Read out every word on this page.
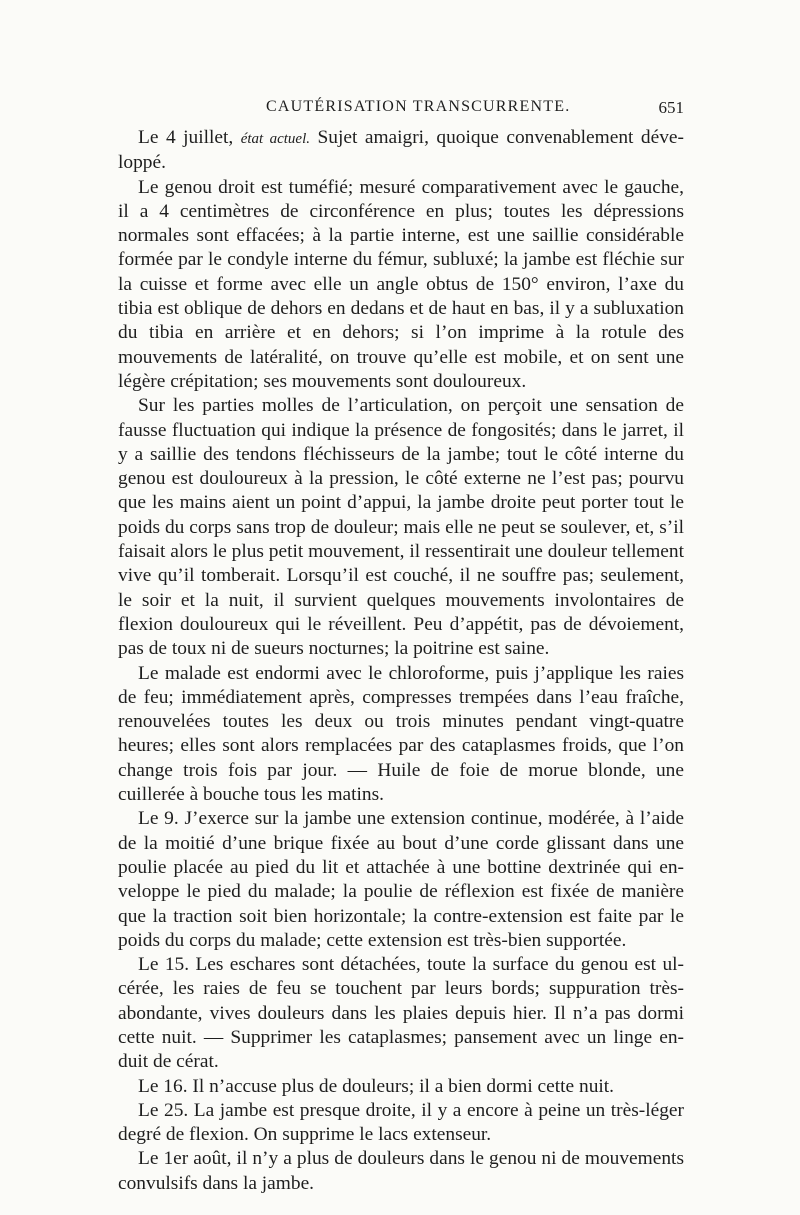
CAUTÉRISATION TRANSCURRENTE.	651

Le 4 juillet, état actuel. Sujet amaigri, quoique convenablement développé.

Le genou droit est tuméfié; mesuré comparativement avec le gauche, il a 4 centimètres de circonférence en plus; toutes les dépressions normales sont effacées; à la partie interne, est une saillie considérable formée par le condyle interne du fémur, subluxé; la jambe est fléchie sur la cuisse et forme avec elle un angle obtus de 150° environ, l’axe du tibia est oblique de dehors en dedans et de haut en bas, il y a subluxation du tibia en arrière et en dehors; si l’on imprime à la rotule des mouvements de latéralité, on trouve qu’elle est mobile, et on sent une légère crépitation; ses mouvements sont douloureux.

Sur les parties molles de l’articulation, on perçoit une sensation de fausse fluctuation qui indique la présence de fongosités; dans le jarret, il y a saillie des tendons fléchisseurs de la jambe; tout le côté interne du genou est douloureux à la pression, le côté externe ne l’est pas; pourvu que les mains aient un point d’appui, la jambe droite peut porter tout le poids du corps sans trop de douleur; mais elle ne peut se soulever, et, s’il faisait alors le plus petit mouvement, il ressentirait une douleur tellement vive qu’il tomberait. Lorsqu’il est couché, il ne souffre pas; seulement, le soir et la nuit, il survient quelques mouvements involontaires de flexion douloureux qui le réveillent. Peu d’appétit, pas de dévoiement, pas de toux ni de sueurs nocturnes; la poitrine est saine.

Le malade est endormi avec le chloroforme, puis j’applique les raies de feu; immédiatement après, compresses trempées dans l’eau fraîche, renouvelées toutes les deux ou trois minutes pendant vingt-quatre heures; elles sont alors remplacées par des cataplasmes froids, que l’on change trois fois par jour. — Huile de foie de morue blonde, une cuillerée à bouche tous les matins.

Le 9. J’exerce sur la jambe une extension continue, modérée, à l’aide de la moitié d’une brique fixée au bout d’une corde glissant dans une poulie placée au pied du lit et attachée à une bottine dextrinée qui enveloppe le pied du malade; la poulie de réflexion est fixée de manière que la traction soit bien horizontale; la contre-extension est faite par le poids du corps du malade; cette extension est très-bien supportée.

Le 15. Les eschares sont détachées, toute la surface du genou est ulcérée, les raies de feu se touchent par leurs bords; suppuration très-abondante, vives douleurs dans les plaies depuis hier. Il n’a pas dormi cette nuit. — Supprimer les cataplasmes; pansement avec un linge enduit de cérat.

Le 16. Il n’accuse plus de douleurs; il a bien dormi cette nuit.

Le 25. La jambe est presque droite, il y a encore à peine un très-léger degré de flexion. On supprime le lacs extenseur.

Le 1er août, il n’y a plus de douleurs dans le genou ni de mouvements convulsifs dans la jambe.
